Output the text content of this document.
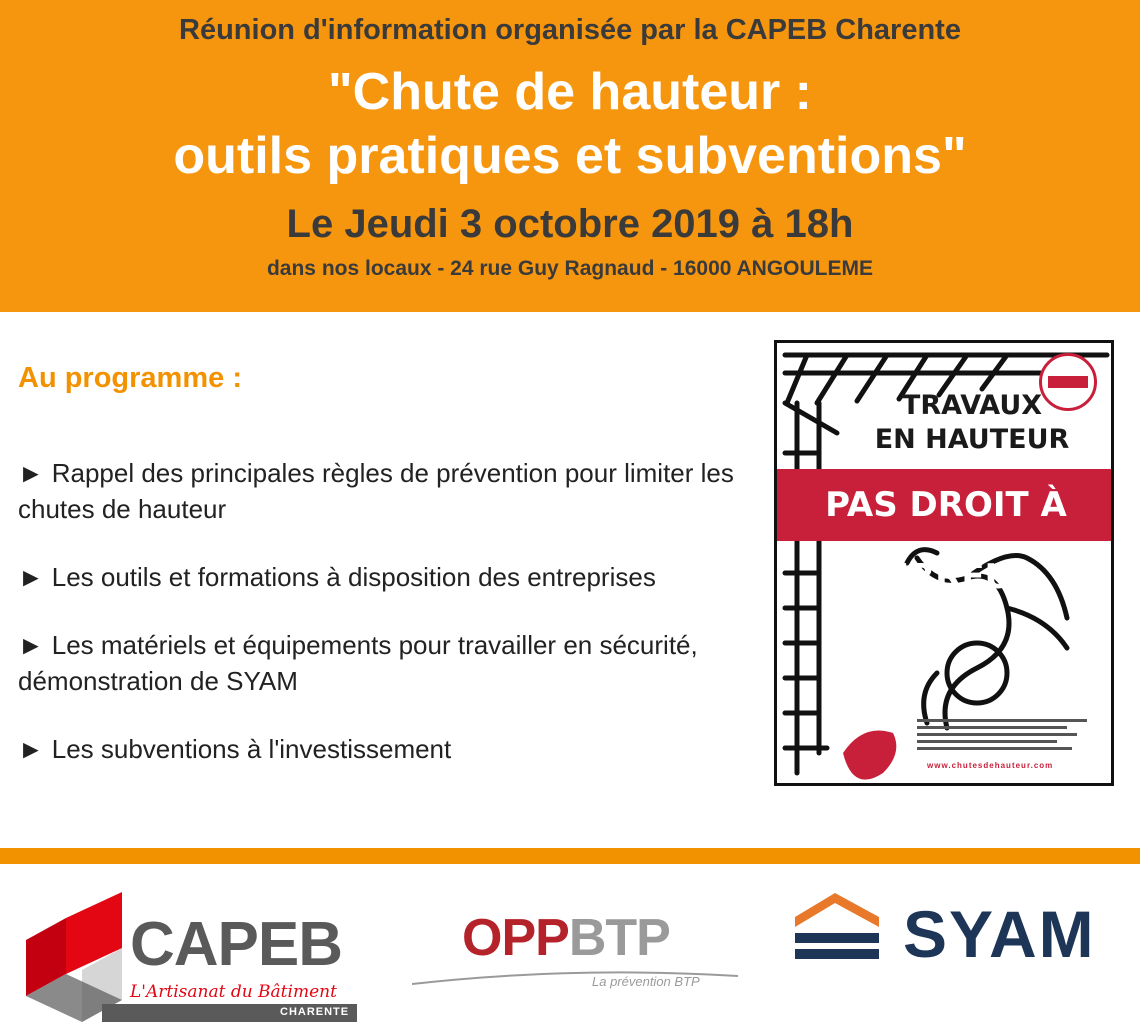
Réunion d'information organisée par la CAPEB Charente
"Chute de hauteur :
outils pratiques et subventions"
Le Jeudi 3 octobre 2019 à 18h
dans nos locaux - 24 rue Guy Ragnaud - 16000 ANGOULEME
Au programme :
► Rappel des principales règles de prévention pour limiter les chutes de hauteur
► Les outils et formations à disposition des entreprises
► Les matériels et équipements pour travailler en sécurité, démonstration de SYAM
► Les subventions à l'investissement
TRAVAUX
EN HAUTEUR
PAS DROIT À L'ERREUR
www.chutesdehauteur.com
CAPEB
L'Artisanat du Bâtiment
CHARENTE
OPPBTP
La prévention BTP
SYAM
